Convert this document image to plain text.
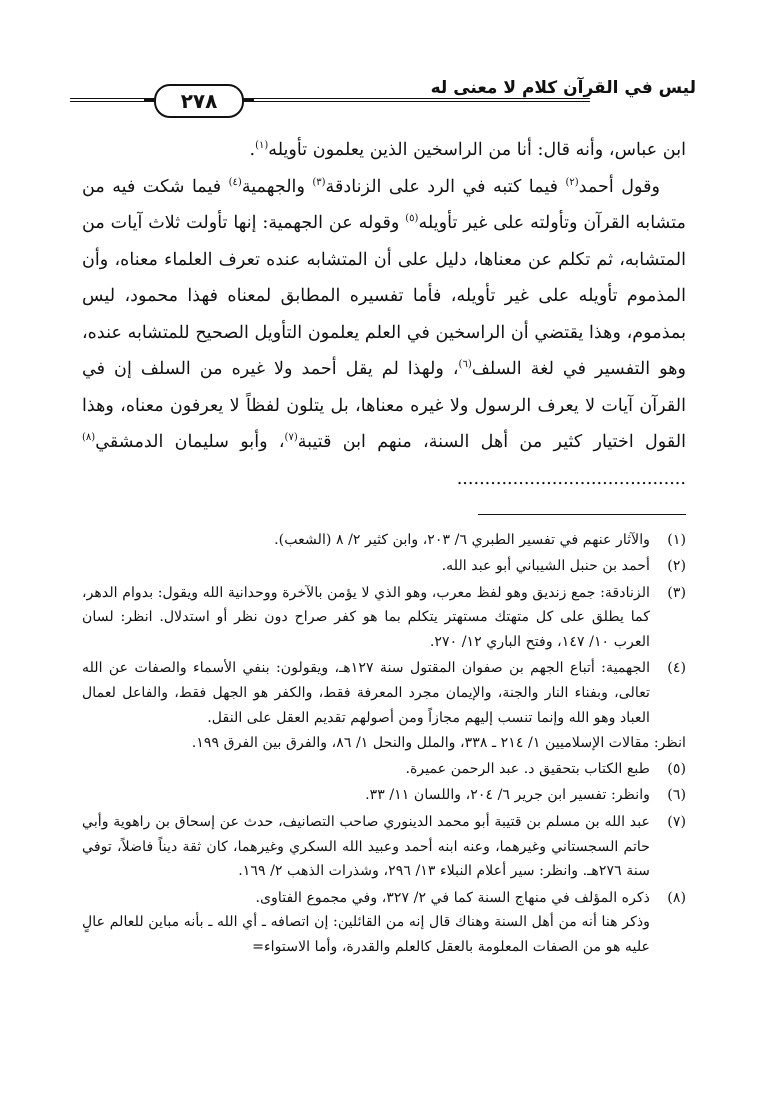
ليس في القرآن كلام لا معنى له
٢٧٨

ابن عباس، وأنه قال: أنا من الراسخين الذين يعلمون تأويله$^{(١)}$.

وقول أحمد$^{(٢)}$ فيما كتبه في الرد على الزنادقة$^{(٣)}$ والجهمية$^{(٤)}$ فيما شكت فيه من متشابه القرآن وتأولته على غير تأويله$^{(٥)}$ وقوله عن الجهمية: إنها تأولت ثلاث آيات من المتشابه، ثم تكلم عن معناها، دليل على أن المتشابه عنده تعرف العلماء معناه، وأن المذموم تأويله على غير تأويله، فأما تفسيره المطابق لمعناه فهذا محمود، ليس بمذموم، وهذا يقتضي أن الراسخين في العلم يعلمون التأويل الصحيح للمتشابه عنده، وهو التفسير في لغة السلف$^{(٦)}$، ولهذا لم يقل أحمد ولا غيره من السلف إن في القرآن آيات لا يعرف الرسول ولا غيره معناها، بل يتلون لفظاً لا يعرفون معناه، وهذا القول اختيار كثير من أهل السنة، منهم ابن قتيبة$^{(٧)}$، وأبو سليمان الدمشقي$^{(٨)}$ .........................................

(١)
والآثار عنهم في تفسير الطبري ٦/ ٢٠٣، وابن كثير ٢/ ٨ (الشعب).
(٢)
أحمد بن حنبل الشيباني أبو عبد الله.
(٣)
الزنادقة: جمع زنديق وهو لفظ معرب، وهو الذي لا يؤمن بالآخرة ووحدانية الله ويقول: بدوام الدهر، كما يطلق على كل متهتك مستهتر يتكلم بما هو كفر صراح دون نظر أو استدلال. انظر: لسان العرب ١٠/ ١٤٧، وفتح الباري ١٢/ ٢٧٠.
(٤)
الجهمية: أتباع الجهم بن صفوان المقتول سنة ١٢٧هـ، ويقولون: بنفي الأسماء والصفات عن الله تعالى، وبفناء النار والجنة، والإيمان مجرد المعرفة فقط، والكفر هو الجهل فقط، والفاعل لعمال العباد وهو الله وإنما تنسب إليهم مجازاً ومن أصولهم تقديم العقل على النقل.
انظر: مقالات الإسلاميين ١/ ٢١٤ ـ ٣٣٨، والملل والنحل ١/ ٨٦، والفرق بين الفرق ١٩٩.
(٥)
طبع الكتاب بتحقيق د. عبد الرحمن عميرة.
(٦)
وانظر: تفسير ابن جرير ٦/ ٢٠٤، واللسان ١١/ ٣٣.
(٧)
عبد الله بن مسلم بن قتيبة أبو محمد الدينوري صاحب التصانيف، حدث عن إسحاق بن راهوية وأبي حاتم السجستاني وغيرهما، وعنه ابنه أحمد وعبيد الله السكري وغيرهما، كان ثقة ديناً فاضلاً، توفي سنة ٢٧٦هـ. وانظر: سير أعلام النبلاء ١٣/ ٢٩٦، وشذرات الذهب ٢/ ١٦٩.
(٨)
ذكره المؤلف في منهاج السنة كما في ٢/ ٣٢٧، وفي مجموع الفتاوى.
وذكر هنا أنه من أهل السنة وهناك قال إنه من القائلين: إن اتصافه ـ أي الله ـ بأنه مباين للعالم عالٍ عليه هو من الصفات المعلومة بالعقل كالعلم والقدرة، وأما الاستواء=
